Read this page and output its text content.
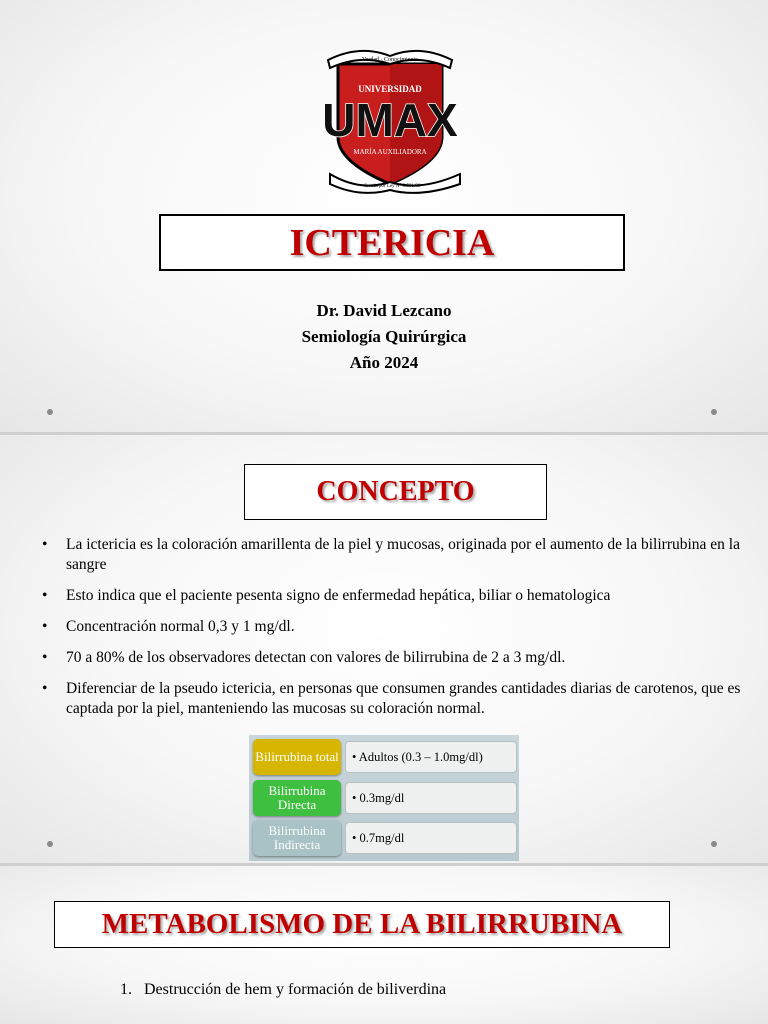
Verdad · Conocimiento
Creada por Ley N° 3.501/08
UNIVERSIDAD
UMAX
MARÍA AUXILIADORA
ICTERICIA
Dr. David Lezcano
Semiología Quirúrgica
Año 2024
CONCEPTO
• La ictericia es la coloración amarillenta de la piel y mucosas, originada por el aumento de la bilirrubina en la sangre
• Esto indica que el paciente pesenta signo de enfermedad hepática, biliar o hematologica
• Concentración normal 0,3 y 1 mg/dl.
• 70 a 80% de los observadores detectan con valores de bilirrubina de 2 a 3 mg/dl.
• Diferenciar de la pseudo ictericia, en personas que consumen grandes cantidades diarias de carotenos, que es captada por la piel, manteniendo las mucosas su coloración normal.
Bilirrubina total	• Adultos (0.3 – 1.0mg/dl)
Bilirrubina Directa	• 0.3mg/dl
Bilirrubina Indirecta	• 0.7mg/dl
METABOLISMO DE LA BILIRRUBINA
1. Destrucción de hem y formación de biliverdina
